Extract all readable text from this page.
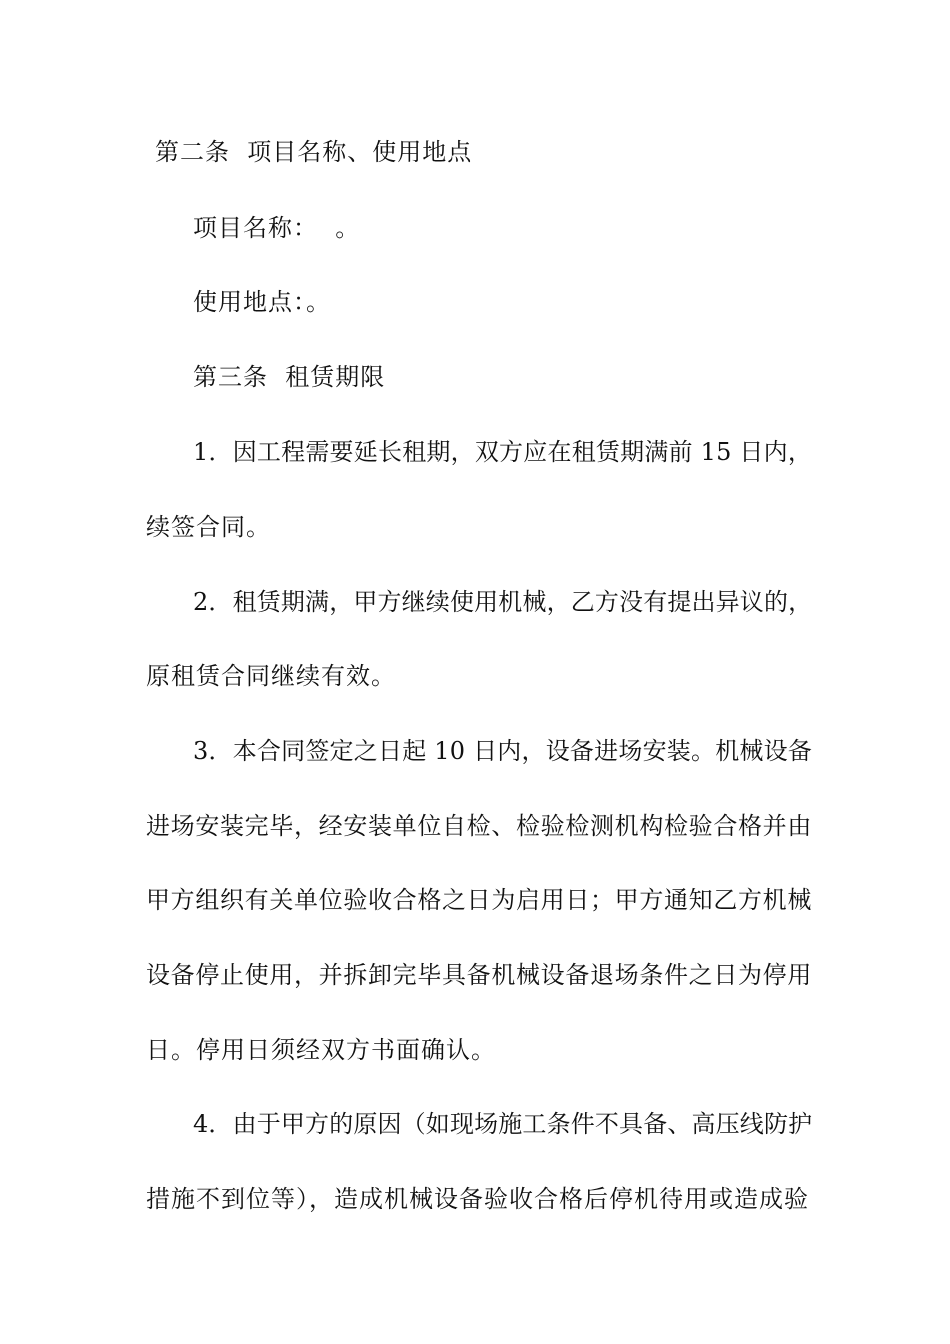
第二条  项目名称、使用地点
项目名称：  。
使用地点：。
第三条  租赁期限
1．因工程需要延长租期，双方应在租赁期满前 15 日内，
续签合同。
2．租赁期满，甲方继续使用机械，乙方没有提出异议的，
原租赁合同继续有效。
3．本合同签定之日起 10 日内，设备进场安装。机械设备
进场安装完毕，经安装单位自检、检验检测机构检验合格并由
甲方组织有关单位验收合格之日为启用日；甲方通知乙方机械
设备停止使用，并拆卸完毕具备机械设备退场条件之日为停用
日。停用日须经双方书面确认。
4．由于甲方的原因（如现场施工条件不具备、高压线防护
措施不到位等），造成机械设备验收合格后停机待用或造成验
